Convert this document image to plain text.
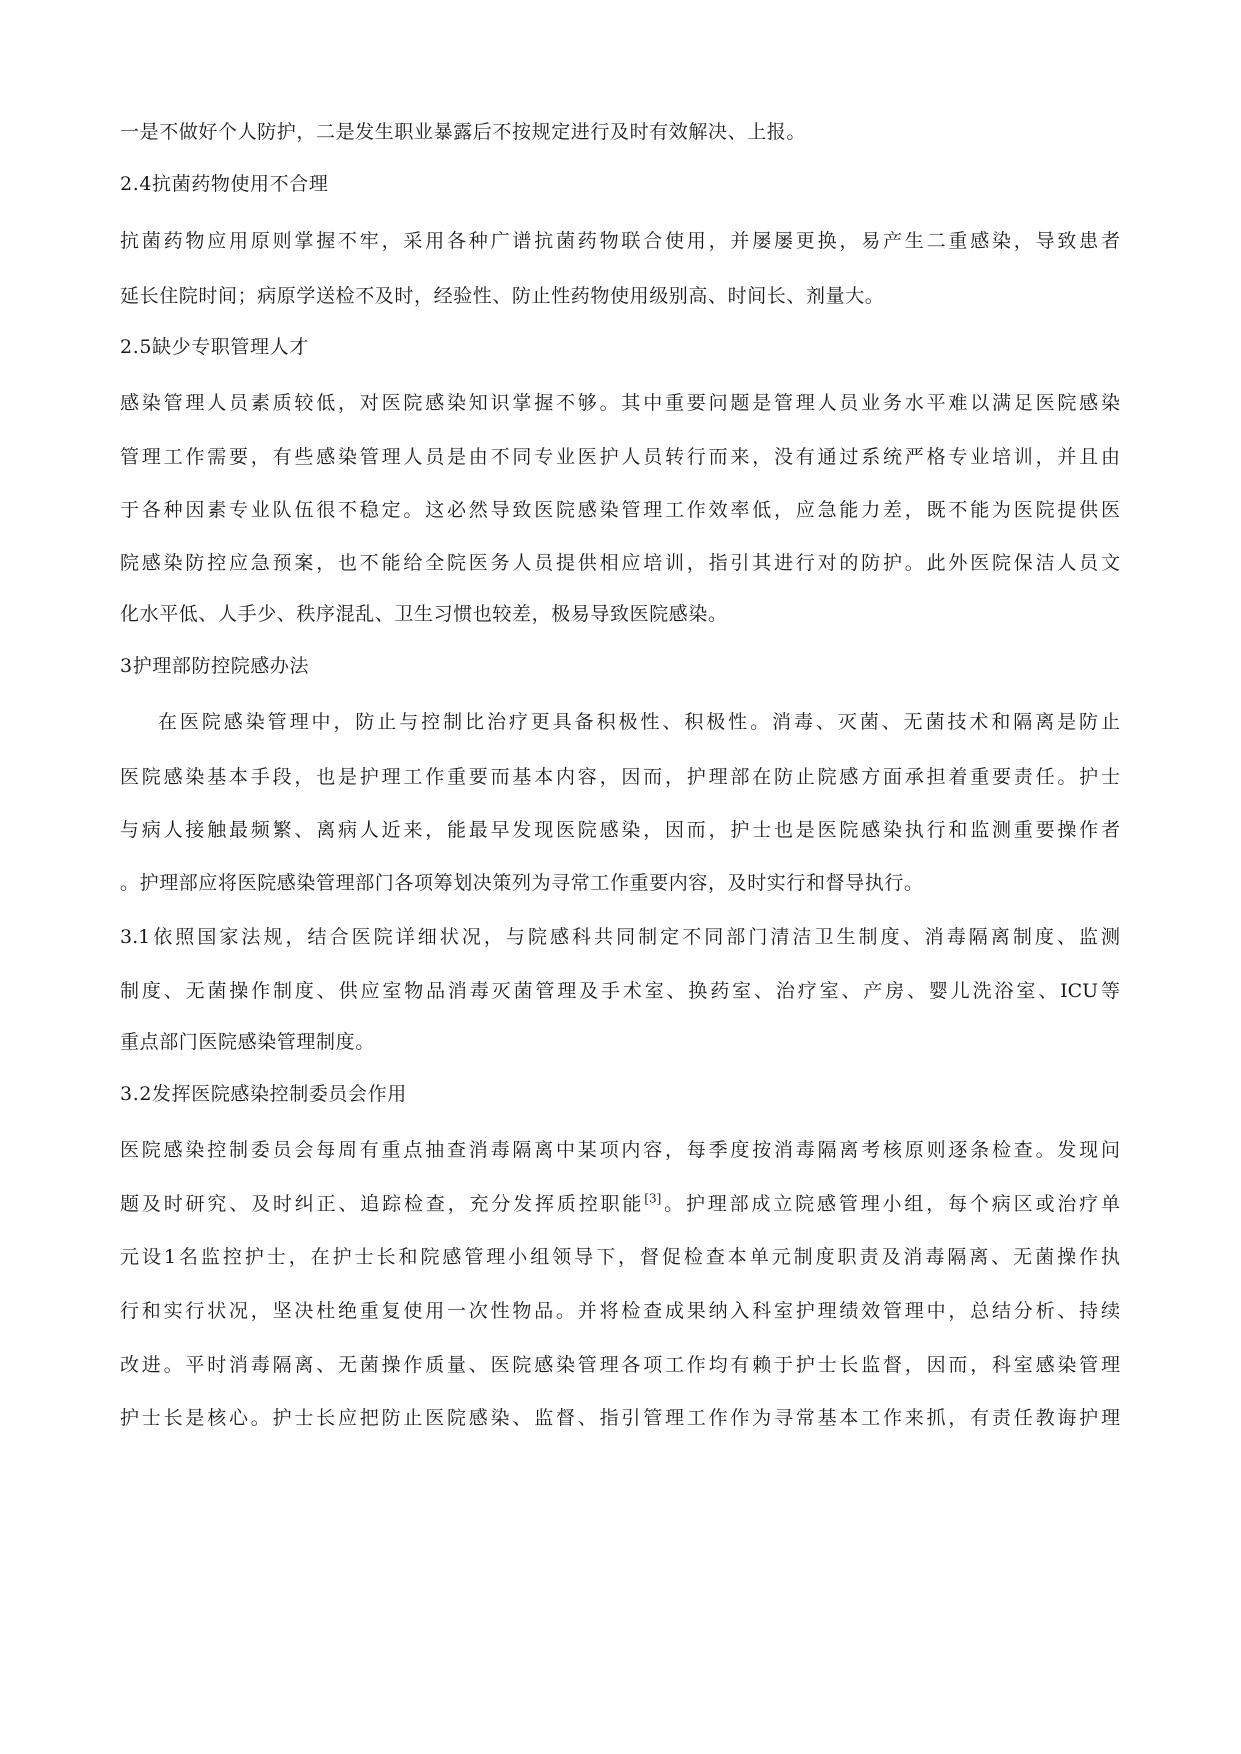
一是不做好个人防护，二是发生职业暴露后不按规定进行及时有效解决、上报。
2.4抗菌药物使用不合理
抗菌药物应用原则掌握不牢，采用各种广谱抗菌药物联合使用，并屡屡更换，易产生二重感染，导致患者
延长住院时间；病原学送检不及时，经验性、防止性药物使用级别高、时间长、剂量大。
2.5缺少专职管理人才
感染管理人员素质较低，对医院感染知识掌握不够。其中重要问题是管理人员业务水平难以满足医院感染
管理工作需要，有些感染管理人员是由不同专业医护人员转行而来，没有通过系统严格专业培训，并且由
于各种因素专业队伍很不稳定。这必然导致医院感染管理工作效率低，应急能力差，既不能为医院提供医
院感染防控应急预案，也不能给全院医务人员提供相应培训，指引其进行对的防护。此外医院保洁人员文
化水平低、人手少、秩序混乱、卫生习惯也较差，极易导致医院感染。
3护理部防控院感办法
在医院感染管理中，防止与控制比治疗更具备积极性、积极性。消毒、灭菌、无菌技术和隔离是防止
医院感染基本手段，也是护理工作重要而基本内容，因而，护理部在防止院感方面承担着重要责任。护士
与病人接触最频繁、离病人近来，能最早发现医院感染，因而，护士也是医院感染执行和监测重要操作者
。护理部应将医院感染管理部门各项筹划决策列为寻常工作重要内容，及时实行和督导执行。
3.1依照国家法规，结合医院详细状况，与院感科共同制定不同部门清洁卫生制度、消毒隔离制度、监测
制度、无菌操作制度、供应室物品消毒灭菌管理及手术室、换药室、治疗室、产房、婴儿洗浴室、ICU等
重点部门医院感染管理制度。
3.2发挥医院感染控制委员会作用
医院感染控制委员会每周有重点抽查消毒隔离中某项内容，每季度按消毒隔离考核原则逐条检查。发现问
题及时研究、及时纠正、追踪检查，充分发挥质控职能[3]。护理部成立院感管理小组，每个病区或治疗单
元设1名监控护士，在护士长和院感管理小组领导下，督促检查本单元制度职责及消毒隔离、无菌操作执
行和实行状况，坚决杜绝重复使用一次性物品。并将检查成果纳入科室护理绩效管理中，总结分析、持续
改进。平时消毒隔离、无菌操作质量、医院感染管理各项工作均有赖于护士长监督，因而，科室感染管理
护士长是核心。护士长应把防止医院感染、监督、指引管理工作作为寻常基本工作来抓，有责任教诲护理
